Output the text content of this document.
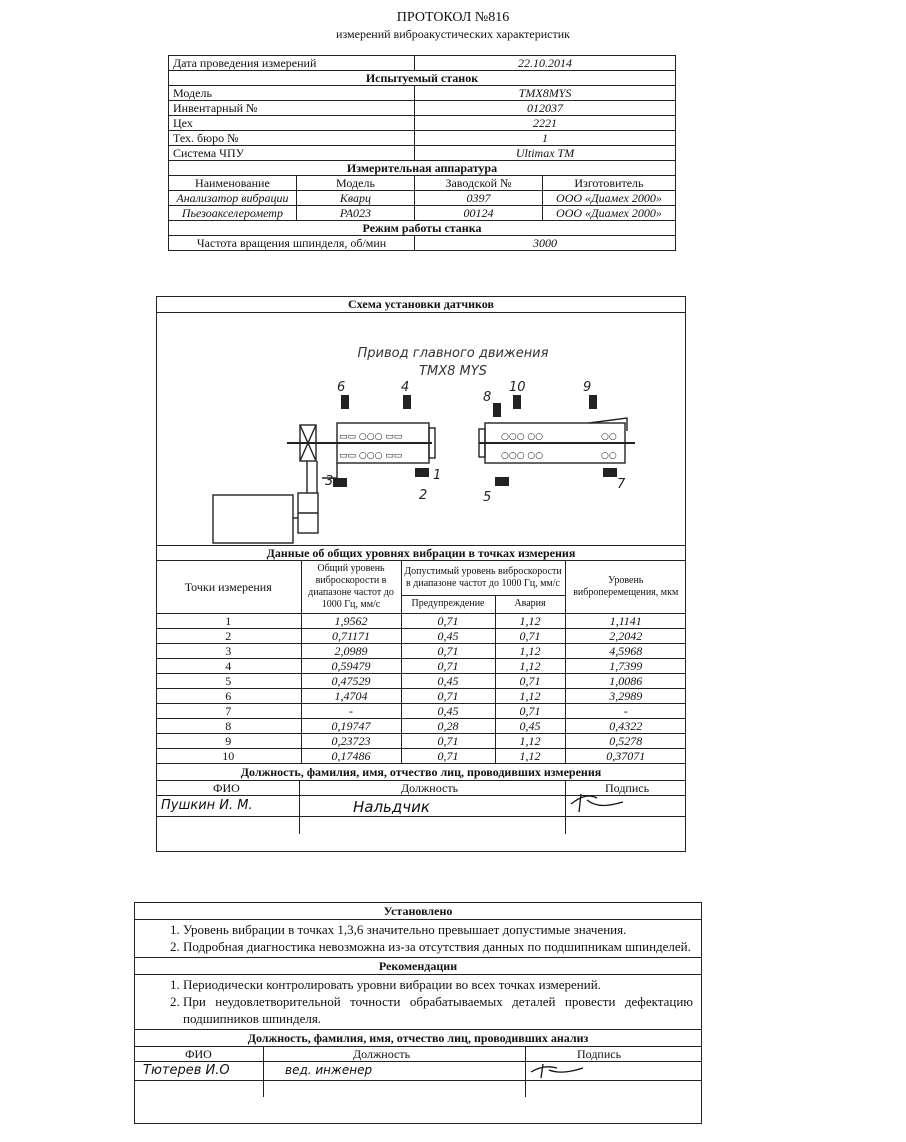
ПРОТОКОЛ №816
измерений виброакустических характеристик
Дата проведения измерений		22.10.2014	
Испытуемый станок			
Модель		TMX8MYS	
Инвентарный №		012037	
Цех		2221	
Тех. бюро №		1	
Система ЧПУ		Ultimax TM	
Измерительная аппаратура			
Наименование	Модель	Заводской №	Изготовитель
Анализатор вибрации	Кварц	0397	ООО «Диамех 2000»
Пьезоакселерометр	PA023	00124	ООО «Диамех 2000»
Режим работы станка			
Частота вращения шпинделя, об/мин		3000	
Схема установки датчиков
Привод главного движения
TMX8 MYS
▭▭ ○○○ ▭▭
▭▭ ○○○ ▭▭
○○○ ○○
○○○ ○○
○○
○○
1
2
3
4
5
6
7
8
9
10
Данные об общих уровнях вибрации в точках измерения				
Точки измерения	Общий уровень виброскорости в диапазоне частот до 1000 Гц, мм/с	Допустимый уровень виброскорости в диапазоне частот до 1000 Гц, мм/с		Уровень виброперемещения, мкм
		Предупреждение	Авария	
1	1,9562	0,71	1,12	1,1141
2	0,71171	0,45	0,71	2,2042
3	2,0989	0,71	1,12	4,5968
4	0,59479	0,71	1,12	1,7399
5	0,47529	0,45	0,71	1,0086
6	1,4704	0,71	1,12	3,2989
7	-	0,45	0,71	-
8	0,19747	0,28	0,45	0,4322
9	0,23723	0,71	1,12	0,5278
10	0,17486	0,71	1,12	0,37071
Должность, фамилия, имя, отчество лиц, проводивших измерения
ФИО	Должность	Подпись
Пушкин И. М.	Нальдчик
Установлено
1. Уровень вибрации в точках 1,3,6 значительно превышает допустимые значения.
2. Подробная диагностика невозможна из-за отсутствия данных по подшипникам шпинделей.
Рекомендации
1. Периодически контролировать уровни вибрации во всех точках измерений.
2. При неудовлетворительной точности обрабатываемых деталей провести дефектацию подшипников шпинделя.
Должность, фамилия, имя, отчество лиц, проводивших анализ
ФИО	Должность	Подпись
Тютерев И.О	вед. инженер
